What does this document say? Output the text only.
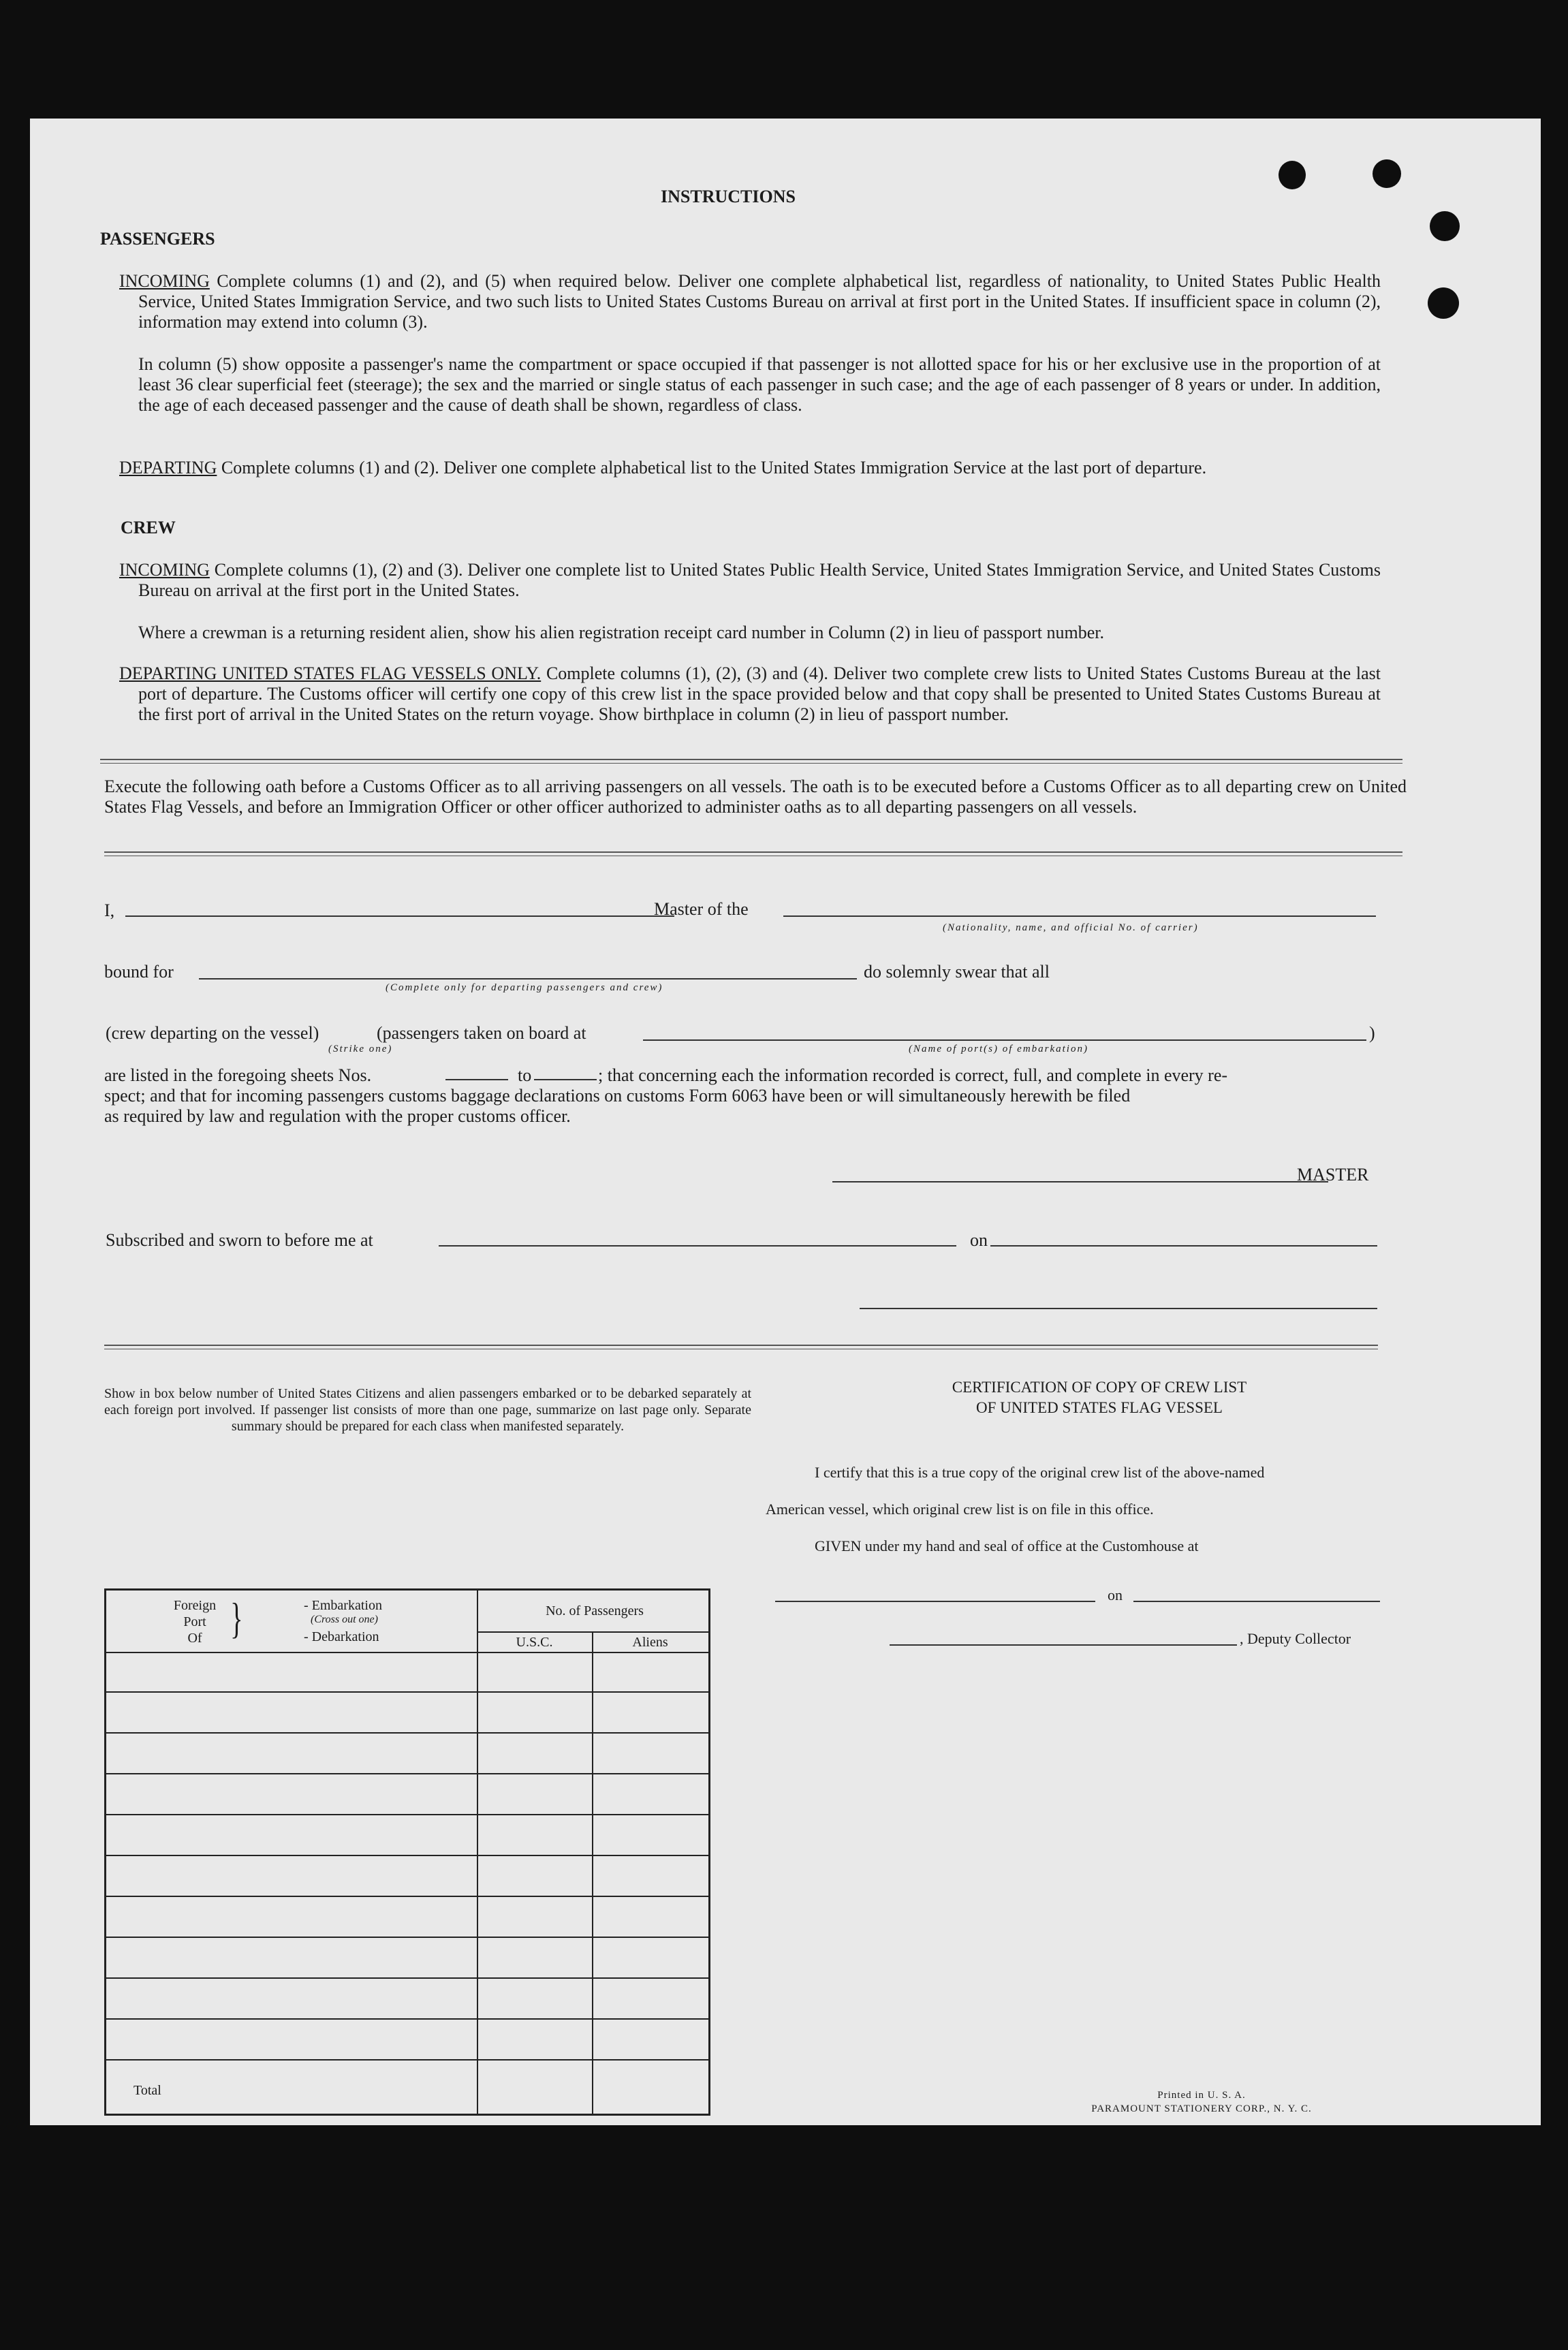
INSTRUCTIONS
PASSENGERS
INCOMING Complete columns (1) and (2), and (5) when required below. Deliver one complete alphabetical list, regardless of nationality, to United States Public Health Service, United States Immigration Service, and two such lists to United States Customs Bureau on arrival at first port in the United States. If insufficient space in column (2), information may extend into column (3).
In column (5) show opposite a passenger's name the compartment or space occupied if that passenger is not allotted space for his or her exclusive use in the proportion of at least 36 clear superficial feet (steerage); the sex and the married or single status of each passenger in such case; and the age of each passenger of 8 years or under. In addition, the age of each deceased passenger and the cause of death shall be shown, regardless of class.
DEPARTING Complete columns (1) and (2). Deliver one complete alphabetical list to the United States Immigration Service at the last port of departure.
CREW
INCOMING Complete columns (1), (2) and (3). Deliver one complete list to United States Public Health Service, United States Immigration Service, and United States Customs Bureau on arrival at the first port in the United States.
Where a crewman is a returning resident alien, show his alien registration receipt card number in Column (2) in lieu of passport number.
DEPARTING UNITED STATES FLAG VESSELS ONLY. Complete columns (1), (2), (3) and (4). Deliver two complete crew lists to United States Customs Bureau at the last port of departure. The Customs officer will certify one copy of this crew list in the space provided below and that copy shall be presented to United States Customs Bureau at the first port of arrival in the United States on the return voyage. Show birthplace in column (2) in lieu of passport number.
Execute the following oath before a Customs Officer as to all arriving passengers on all vessels. The oath is to be executed before a Customs Officer as to all departing crew on United States Flag Vessels, and before an Immigration Officer or other officer authorized to administer oaths as to all departing passengers on all vessels.
I,	Master of the
(Nationality, name, and official No. of carrier)
bound for
(Complete only for departing passengers and crew)
do solemnly swear that all
(crew departing on the vessel)	(passengers taken on board at	)
(Strike one)	(Name of port(s) of embarkation)
are listed in the foregoing sheets Nos.	to	; that concerning each the information recorded is correct, full, and complete in every re-
spect; and that for incoming passengers customs baggage declarations on customs Form 6063 have been or will simultaneously herewith be filed
as required by law and regulation with the proper customs officer.
MASTER
Subscribed and sworn to before me at	on
Show in box below number of United States Citizens and alien passengers embarked or to be debarked separately at each foreign port involved. If passenger list consists of more than one page, summarize on last page only. Separate summary should be prepared for each class when manifested separately.
Foreign
Port
Of }	- Embarkation
(Cross out one)
- Debarkation
No. of Passengers
U.S.C.	Aliens
Total
CERTIFICATION OF COPY OF CREW LIST
OF UNITED STATES FLAG VESSEL
I certify that this is a true copy of the original crew list of the above-named
American vessel, which original crew list is on file in this office.
GIVEN under my hand and seal of office at the Customhouse at
on
, Deputy Collector
Printed in U. S. A.
PARAMOUNT STATIONERY CORP., N. Y. C.
